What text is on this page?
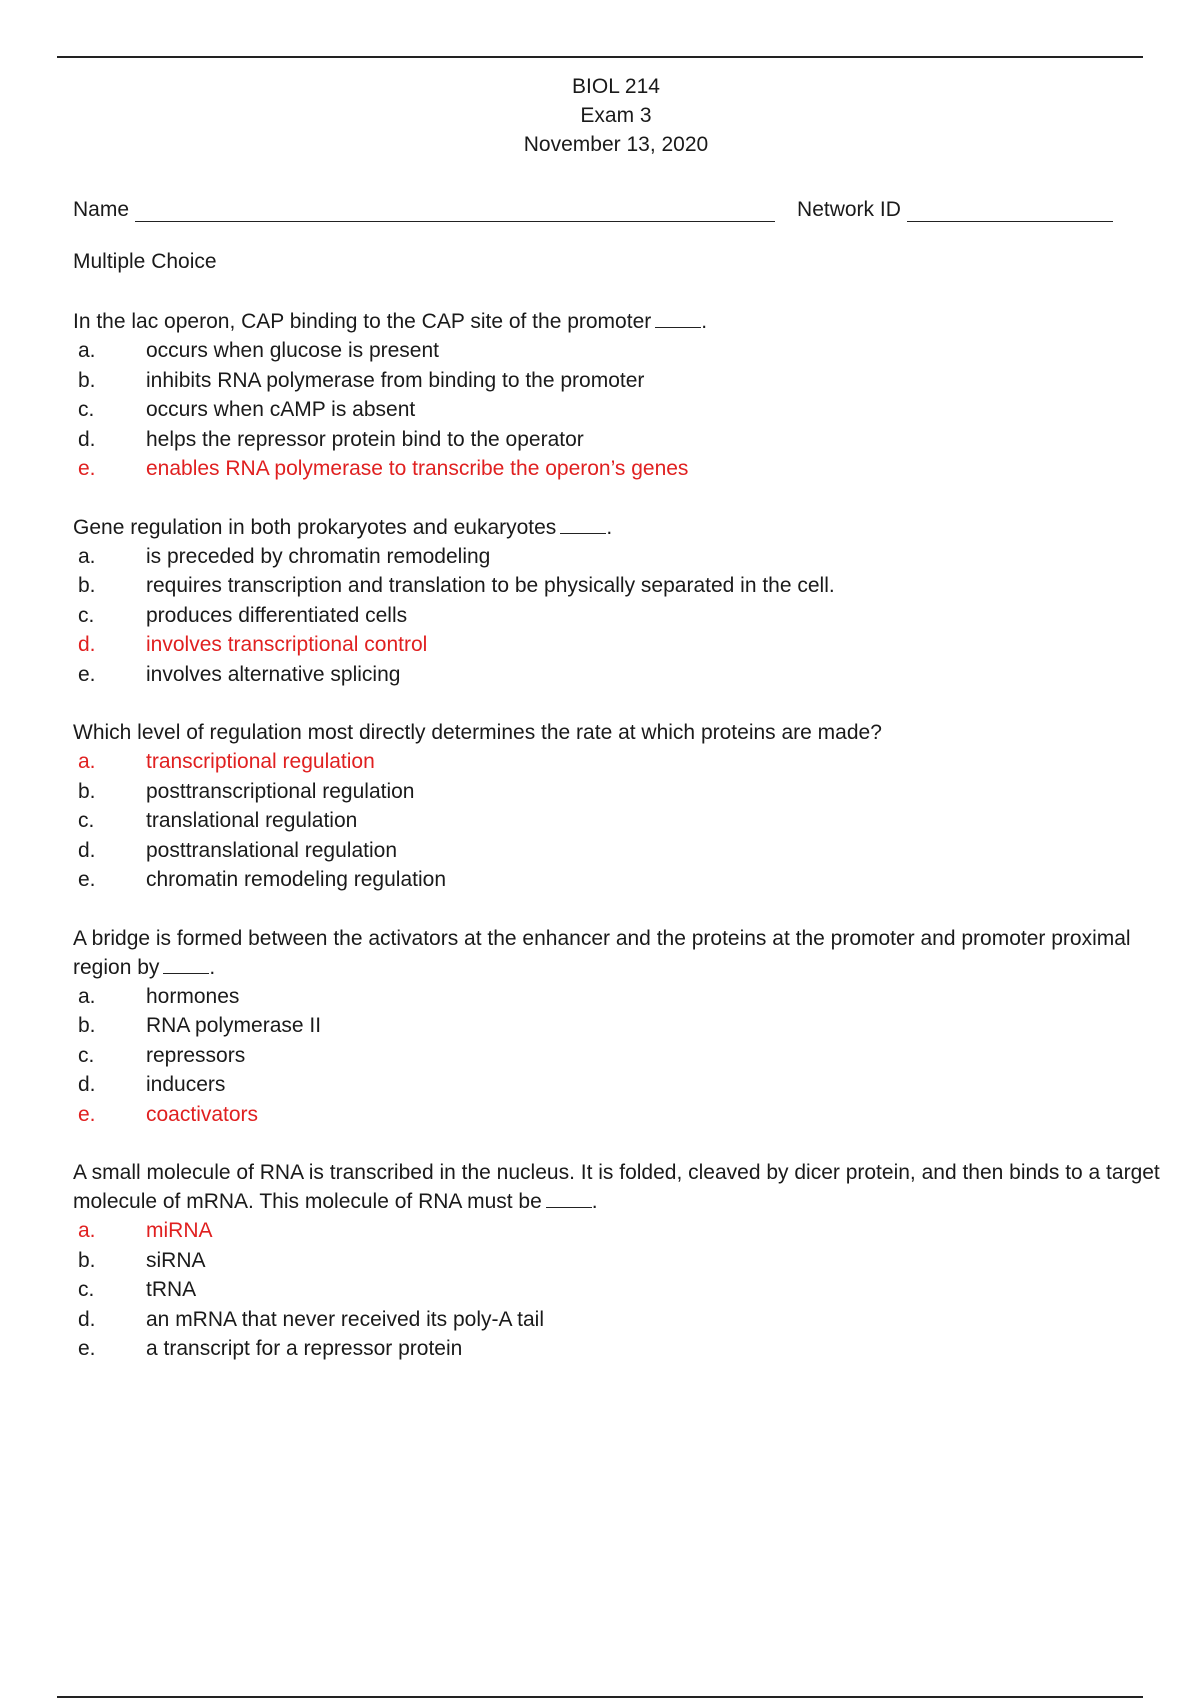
BIOL 214
Exam 3
November 13, 2020
Name	Network ID
Multiple Choice

In the lac operon, CAP binding to the CAP site of the promoter .

a.	occurs when glucose is present
b.	inhibits RNA polymerase from binding to the promoter
c.	occurs when cAMP is absent
d.	helps the repressor protein bind to the operator
e.	enables RNA polymerase to transcribe the operon’s genes

Gene regulation in both prokaryotes and eukaryotes .

a.	is preceded by chromatin remodeling
b.	requires transcription and translation to be physically separated in the cell.
c.	produces differentiated cells
d.	involves transcriptional control
e.	involves alternative splicing

Which level of regulation most directly determines the rate at which proteins are made?

a.	transcriptional regulation
b.	posttranscriptional regulation
c.	translational regulation
d.	posttranslational regulation
e.	chromatin remodeling regulation

A bridge is formed between the activators at the enhancer and the proteins at the promoter and promoter proximal region by .

a.	hormones
b.	RNA polymerase II
c.	repressors
d.	inducers
e.	coactivators

A small molecule of RNA is transcribed in the nucleus. It is folded, cleaved by dicer protein, and then binds to a target molecule of mRNA. This molecule of RNA must be .

a.	miRNA
b.	siRNA
c.	tRNA
d.	an mRNA that never received its poly-A tail
e.	a transcript for a repressor protein
